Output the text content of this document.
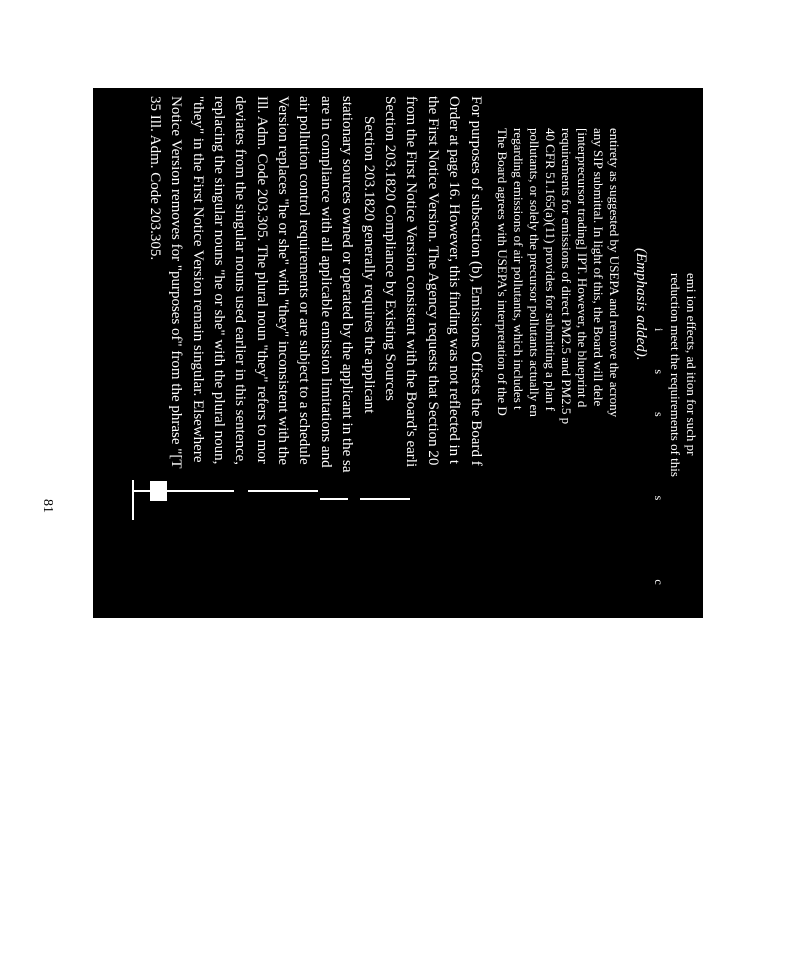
emi ion effects, ad ition for such pr
reduction meet the requirements of this
iss s c c s ' s
(Emphasis added).
entirety as suggested by USEPA and remove the acrony
any SIP submittal. In light of this, the Board will dele
[interprecursor trading] IPT. However, the blueprint d
requirements for emissions of direct PM2.5 and PM2.5 p
40 CFR 51.165(a)(11) provides for submitting a plan f
pollutants, or solely the precursor pollutants actually en
regarding emissions of air pollutants, which includes t
The Board agrees with USEPA's interpretation of the D
For purposes of subsection (b), Emissions Offsets the Board f
Order at page 16. However, this finding was not reflected in t
the First Notice Version. The Agency requests that Section 20
from the First Notice Version consistent with the Board's earli
Section 203.1820 Compliance by Existing Sources
Section 203.1820 generally requires the applicant
stationary sources owned or operated by the applicant in the sa
are in compliance with all applicable emission limitations and
air pollution control requirements or are subject to a schedule
Version replaces "he or she" with "they" inconsistent with the
Ill. Adm. Code 203.305. The plural noun "they" refers to mor
deviates from the singular nouns used earlier in this sentence,
replacing the singular nouns "he or she" with the plural noun,
"they" in the First Notice Version remain singular. Elsewhere
Notice Version removes for "purposes of" from the phrase "[T
35 Ill. Adm. Code 203.305.
81
